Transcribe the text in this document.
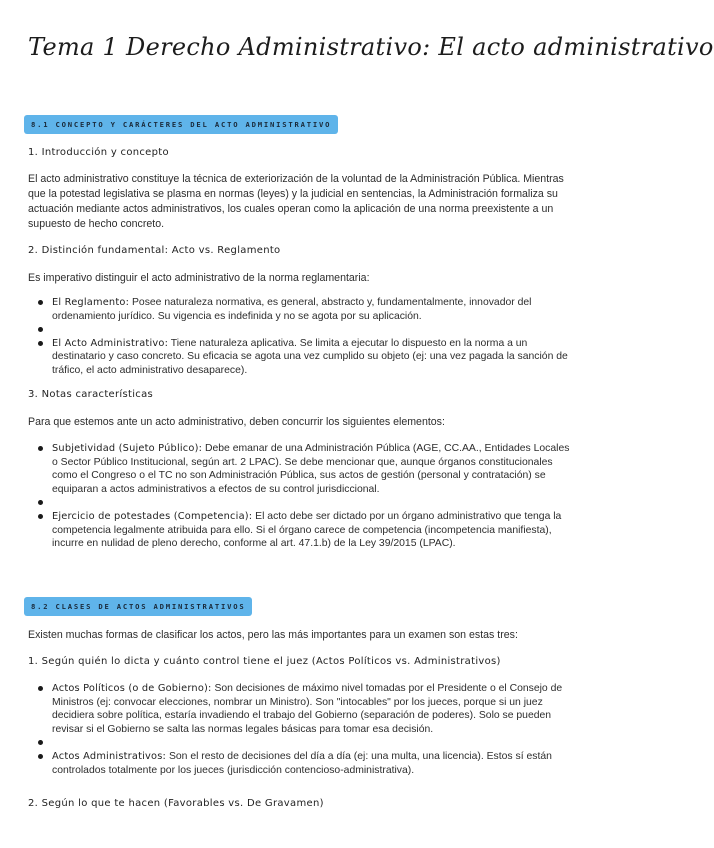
Tema 1 Derecho Administrativo: El acto administrativo
8.1 CONCEPTO Y CARÁCTERES DEL ACTO ADMINISTRATIVO
1. Introducción y concepto

El acto administrativo constituye la técnica de exteriorización de la voluntad de la Administración Pública. Mientras que la potestad legislativa se plasma en normas (leyes) y la judicial en sentencias, la Administración formaliza su actuación mediante actos administrativos, los cuales operan como la aplicación de una norma preexistente a un supuesto de hecho concreto.

2. Distinción fundamental: Acto vs. Reglamento

Es imperativo distinguir el acto administrativo de la norma reglamentaria:

El Reglamento: Posee naturaleza normativa, es general, abstracto y, fundamentalmente, innovador del ordenamiento jurídico. Su vigencia es indefinida y no se agota por su aplicación.
El Acto Administrativo: Tiene naturaleza aplicativa. Se limita a ejecutar lo dispuesto en la norma a un destinatario y caso concreto. Su eficacia se agota una vez cumplido su objeto (ej: una vez pagada la sanción de tráfico, el acto administrativo desaparece).
3. Notas características

Para que estemos ante un acto administrativo, deben concurrir los siguientes elementos:

Subjetividad (Sujeto Público): Debe emanar de una Administración Pública (AGE, CC.AA., Entidades Locales o Sector Público Institucional, según art. 2 LPAC). Se debe mencionar que, aunque órganos constitucionales como el Congreso o el TC no son Administración Pública, sus actos de gestión (personal y contratación) se equiparan a actos administrativos a efectos de su control jurisdiccional.
Ejercicio de potestades (Competencia): El acto debe ser dictado por un órgano administrativo que tenga la competencia legalmente atribuida para ello. Si el órgano carece de competencia (incompetencia manifiesta), incurre en nulidad de pleno derecho, conforme al art. 47.1.b) de la Ley 39/2015 (LPAC).
8.2 CLASES DE ACTOS ADMINISTRATIVOS

Existen muchas formas de clasificar los actos, pero las más importantes para un examen son estas tres:

1. Según quién lo dicta y cuánto control tiene el juez (Actos Políticos vs. Administrativos)
Actos Políticos (o de Gobierno): Son decisiones de máximo nivel tomadas por el Presidente o el Consejo de Ministros (ej: convocar elecciones, nombrar un Ministro). Son "intocables" por los jueces, porque si un juez decidiera sobre política, estaría invadiendo el trabajo del Gobierno (separación de poderes). Solo se pueden revisar si el Gobierno se salta las normas legales básicas para tomar esa decisión.
Actos Administrativos: Son el resto de decisiones del día a día (ej: una multa, una licencia). Estos sí están controlados totalmente por los jueces (jurisdicción contencioso-administrativa).
2. Según lo que te hacen (Favorables vs. De Gravamen)
